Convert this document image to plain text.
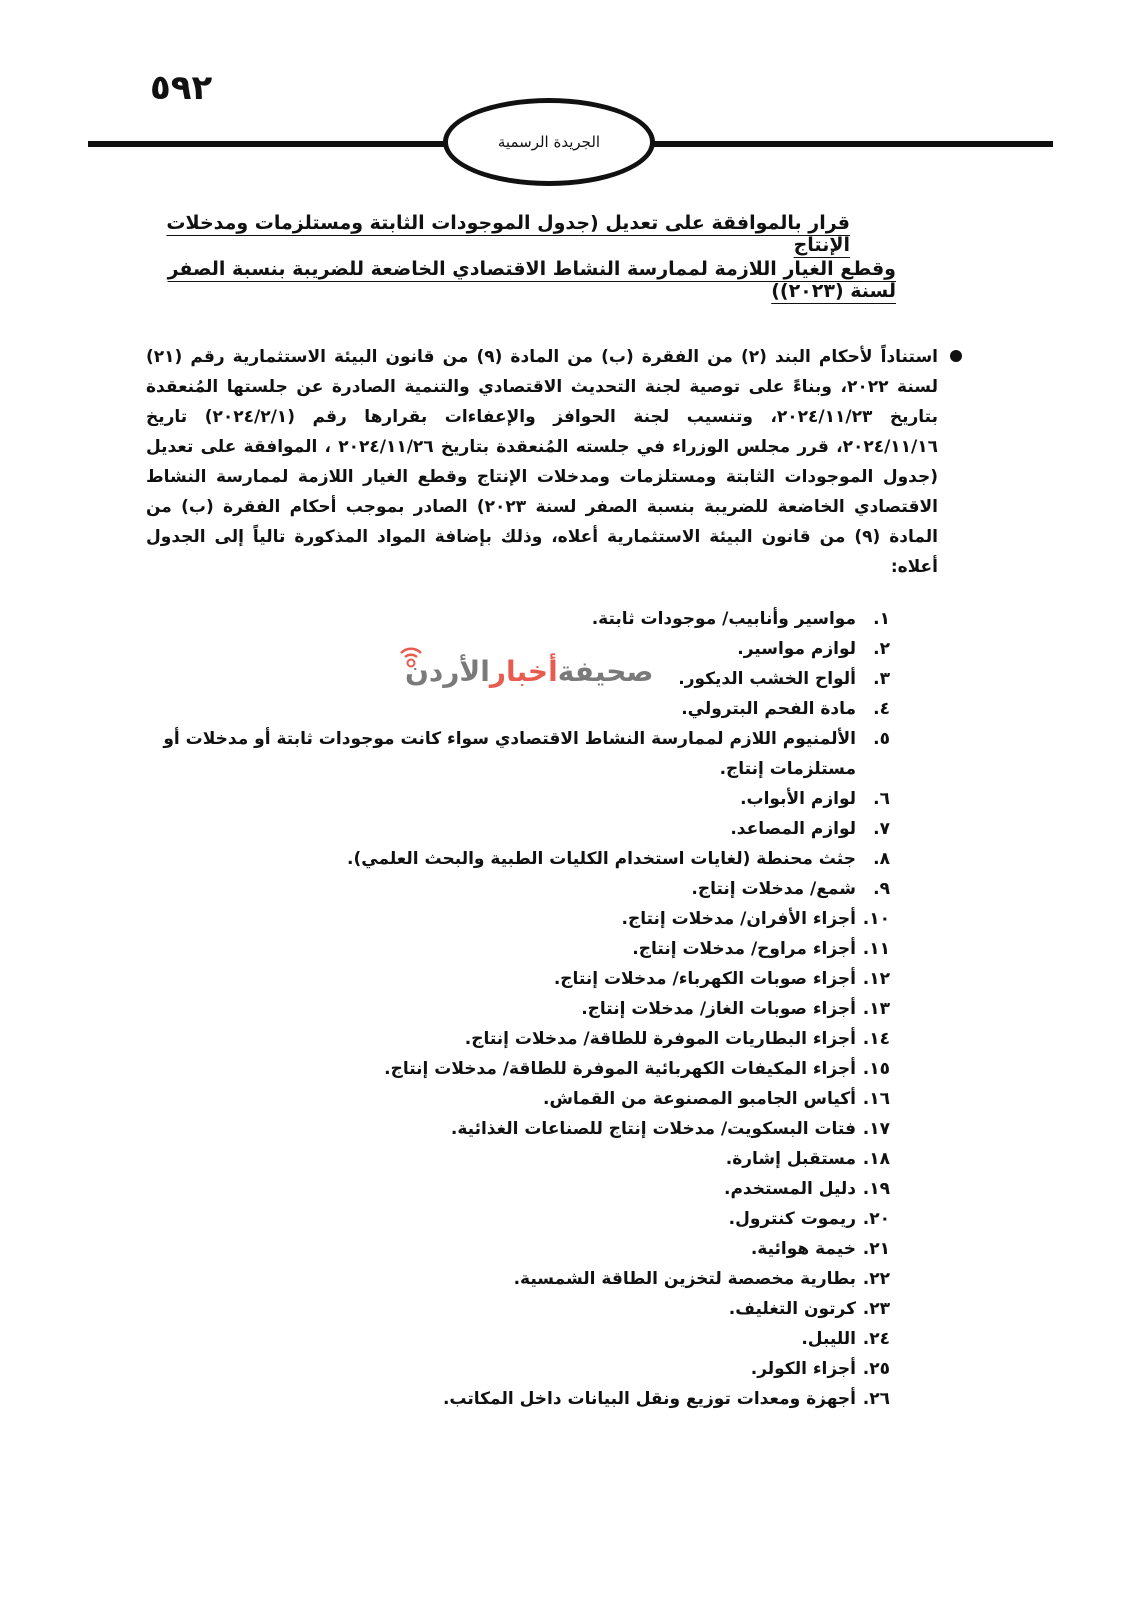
٥٩٢
الجريدة الرسمية
قرار بالموافقة على تعديل (جدول الموجودات الثابتة ومستلزمات ومدخلات الإنتاج
وقطع الغيار اللازمة لممارسة النشاط الاقتصادي الخاضعة للضريبة بنسبة الصفر لسنة (٢٠٢٣))
استناداً لأحكام البند (٢) من الفقرة (ب) من المادة (٩) من قانون البيئة الاستثمارية رقم (٢١) لسنة ٢٠٢٢، وبناءً على توصية لجنة التحديث الاقتصادي والتنمية الصادرة عن جلستها المُنعقدة بتاريخ ٢٠٢٤/١١/٢٣، وتنسيب لجنة الحوافز والإعفاءات بقرارها رقم (٢٠٢٤/٢/١) تاريخ ٢٠٢٤/١١/١٦، قرر مجلس الوزراء في جلسته المُنعقدة بتاريخ ٢٠٢٤/١١/٢٦ ، الموافقة على تعديل (جدول الموجودات الثابتة ومستلزمات ومدخلات الإنتاج وقطع الغيار اللازمة لممارسة النشاط الاقتصادي الخاضعة للضريبة بنسبة الصفر لسنة ٢٠٢٣) الصادر بموجب أحكام الفقرة (ب) من المادة (٩) من قانون البيئة الاستثمارية أعلاه، وذلك بإضافة المواد المذكورة تالياً إلى الجدول أعلاه:
١.
مواسير وأنابيب/ موجودات ثابتة.
٢.
لوازم مواسير.
٣.
ألواح الخشب الديكور.
٤.
مادة الفحم البترولي.
٥.
الألمنيوم اللازم لممارسة النشاط الاقتصادي سواء كانت موجودات ثابتة أو مدخلات أو مستلزمات إنتاج.
٦.
لوازم الأبواب.
٧.
لوازم المصاعد.
٨.
جثث محنطة (لغايات استخدام الكليات الطبية والبحث العلمي).
٩.
شمع/ مدخلات إنتاج.
١٠.
أجزاء الأفران/ مدخلات إنتاج.
١١.
أجزاء مراوح/ مدخلات إنتاج.
١٢.
أجزاء صوبات الكهرباء/ مدخلات إنتاج.
١٣.
أجزاء صوبات الغاز/ مدخلات إنتاج.
١٤.
أجزاء البطاريات الموفرة للطاقة/ مدخلات إنتاج.
١٥.
أجزاء المكيفات الكهربائية الموفرة للطاقة/ مدخلات إنتاج.
١٦.
أكياس الجامبو المصنوعة من القماش.
١٧.
فتات البسكويت/ مدخلات إنتاج للصناعات الغذائية.
١٨.
مستقبل إشارة.
١٩.
دليل المستخدم.
٢٠.
ريموت كنترول.
٢١.
خيمة هوائية.
٢٢.
بطارية مخصصة لتخزين الطاقة الشمسية.
٢٣.
كرتون التغليف.
٢٤.
الليبل.
٢٥.
أجزاء الكولر.
٢٦.
أجهزة ومعدات توزيع ونقل البيانات داخل المكاتب.
صحيفة
أخبار
الأردن
